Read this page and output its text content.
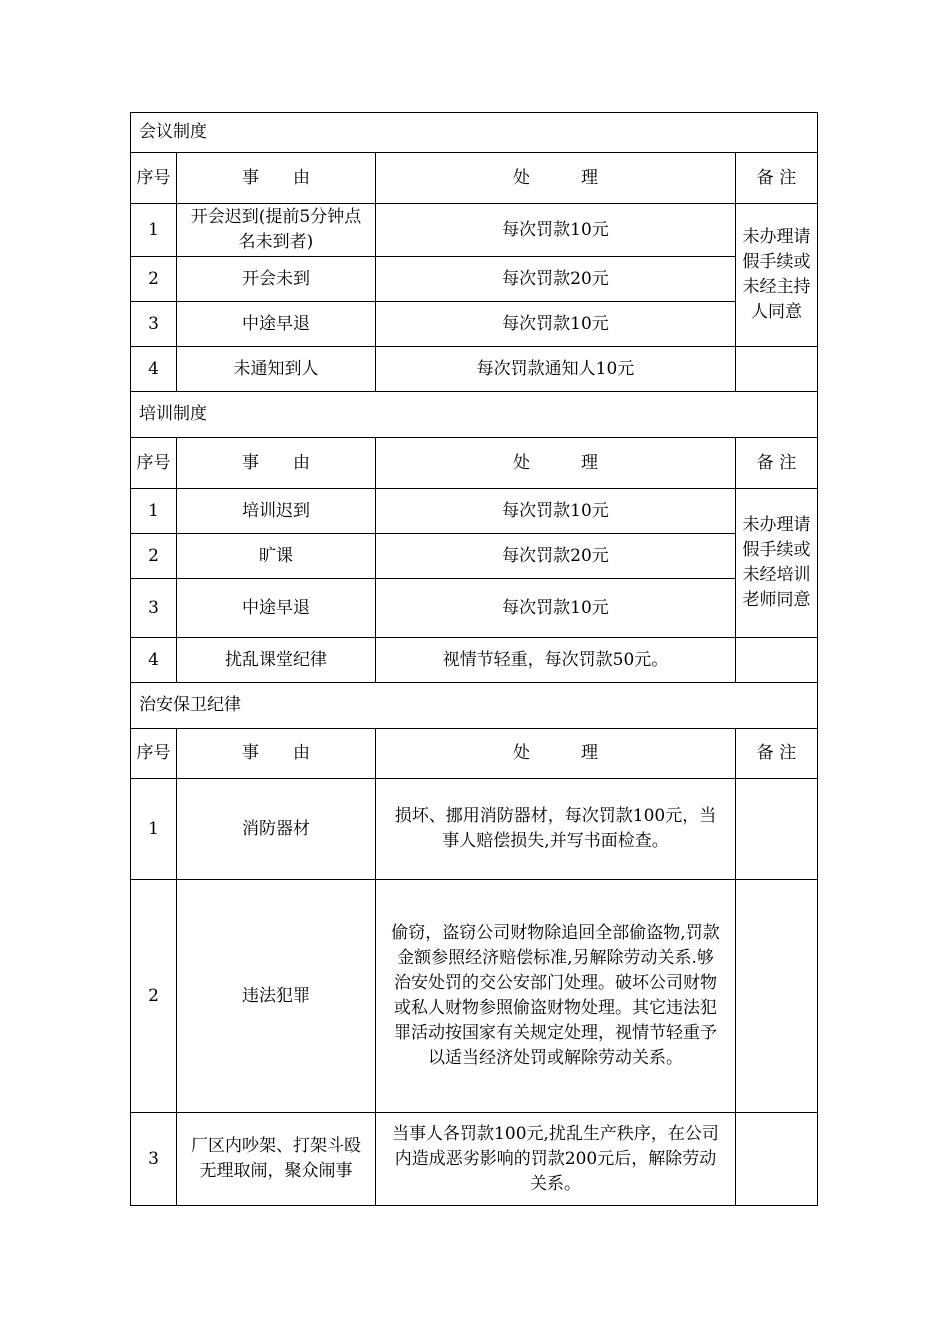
会议制度			
序号	事　　由	处　　　理	备 注
1	开会迟到(提前5分钟点名未到者)	每次罚款10元	未办理请假手续或未经主持人同意
2	开会未到	每次罚款20元	
3	中途早退	每次罚款10元	
4	未通知到人	每次罚款通知人10元	
培训制度			
序号	事　　由	处　　　理	备 注
1	培训迟到	每次罚款10元	未办理请假手续或未经培训老师同意
2	旷课	每次罚款20元	
3	中途早退	每次罚款10元	
4	扰乱课堂纪律	视情节轻重，每次罚款50元。	
治安保卫纪律			
序号	事　　由	处　　　理	备 注
1	消防器材	损坏、挪用消防器材，每次罚款100元，当事人赔偿损失,并写书面检查。	
2	违法犯罪	偷窃，盗窃公司财物除追回全部偷盗物,罚款金额参照经济赔偿标准,另解除劳动关系.够治安处罚的交公安部门处理。破坏公司财物或私人财物参照偷盗财物处理。其它违法犯罪活动按国家有关规定处理，视情节轻重予以适当经济处罚或解除劳动关系。	
3	厂区内吵架、打架斗殴无理取闹，聚众闹事	当事人各罚款100元,扰乱生产秩序，在公司内造成恶劣影响的罚款200元后，解除劳动关系。	
